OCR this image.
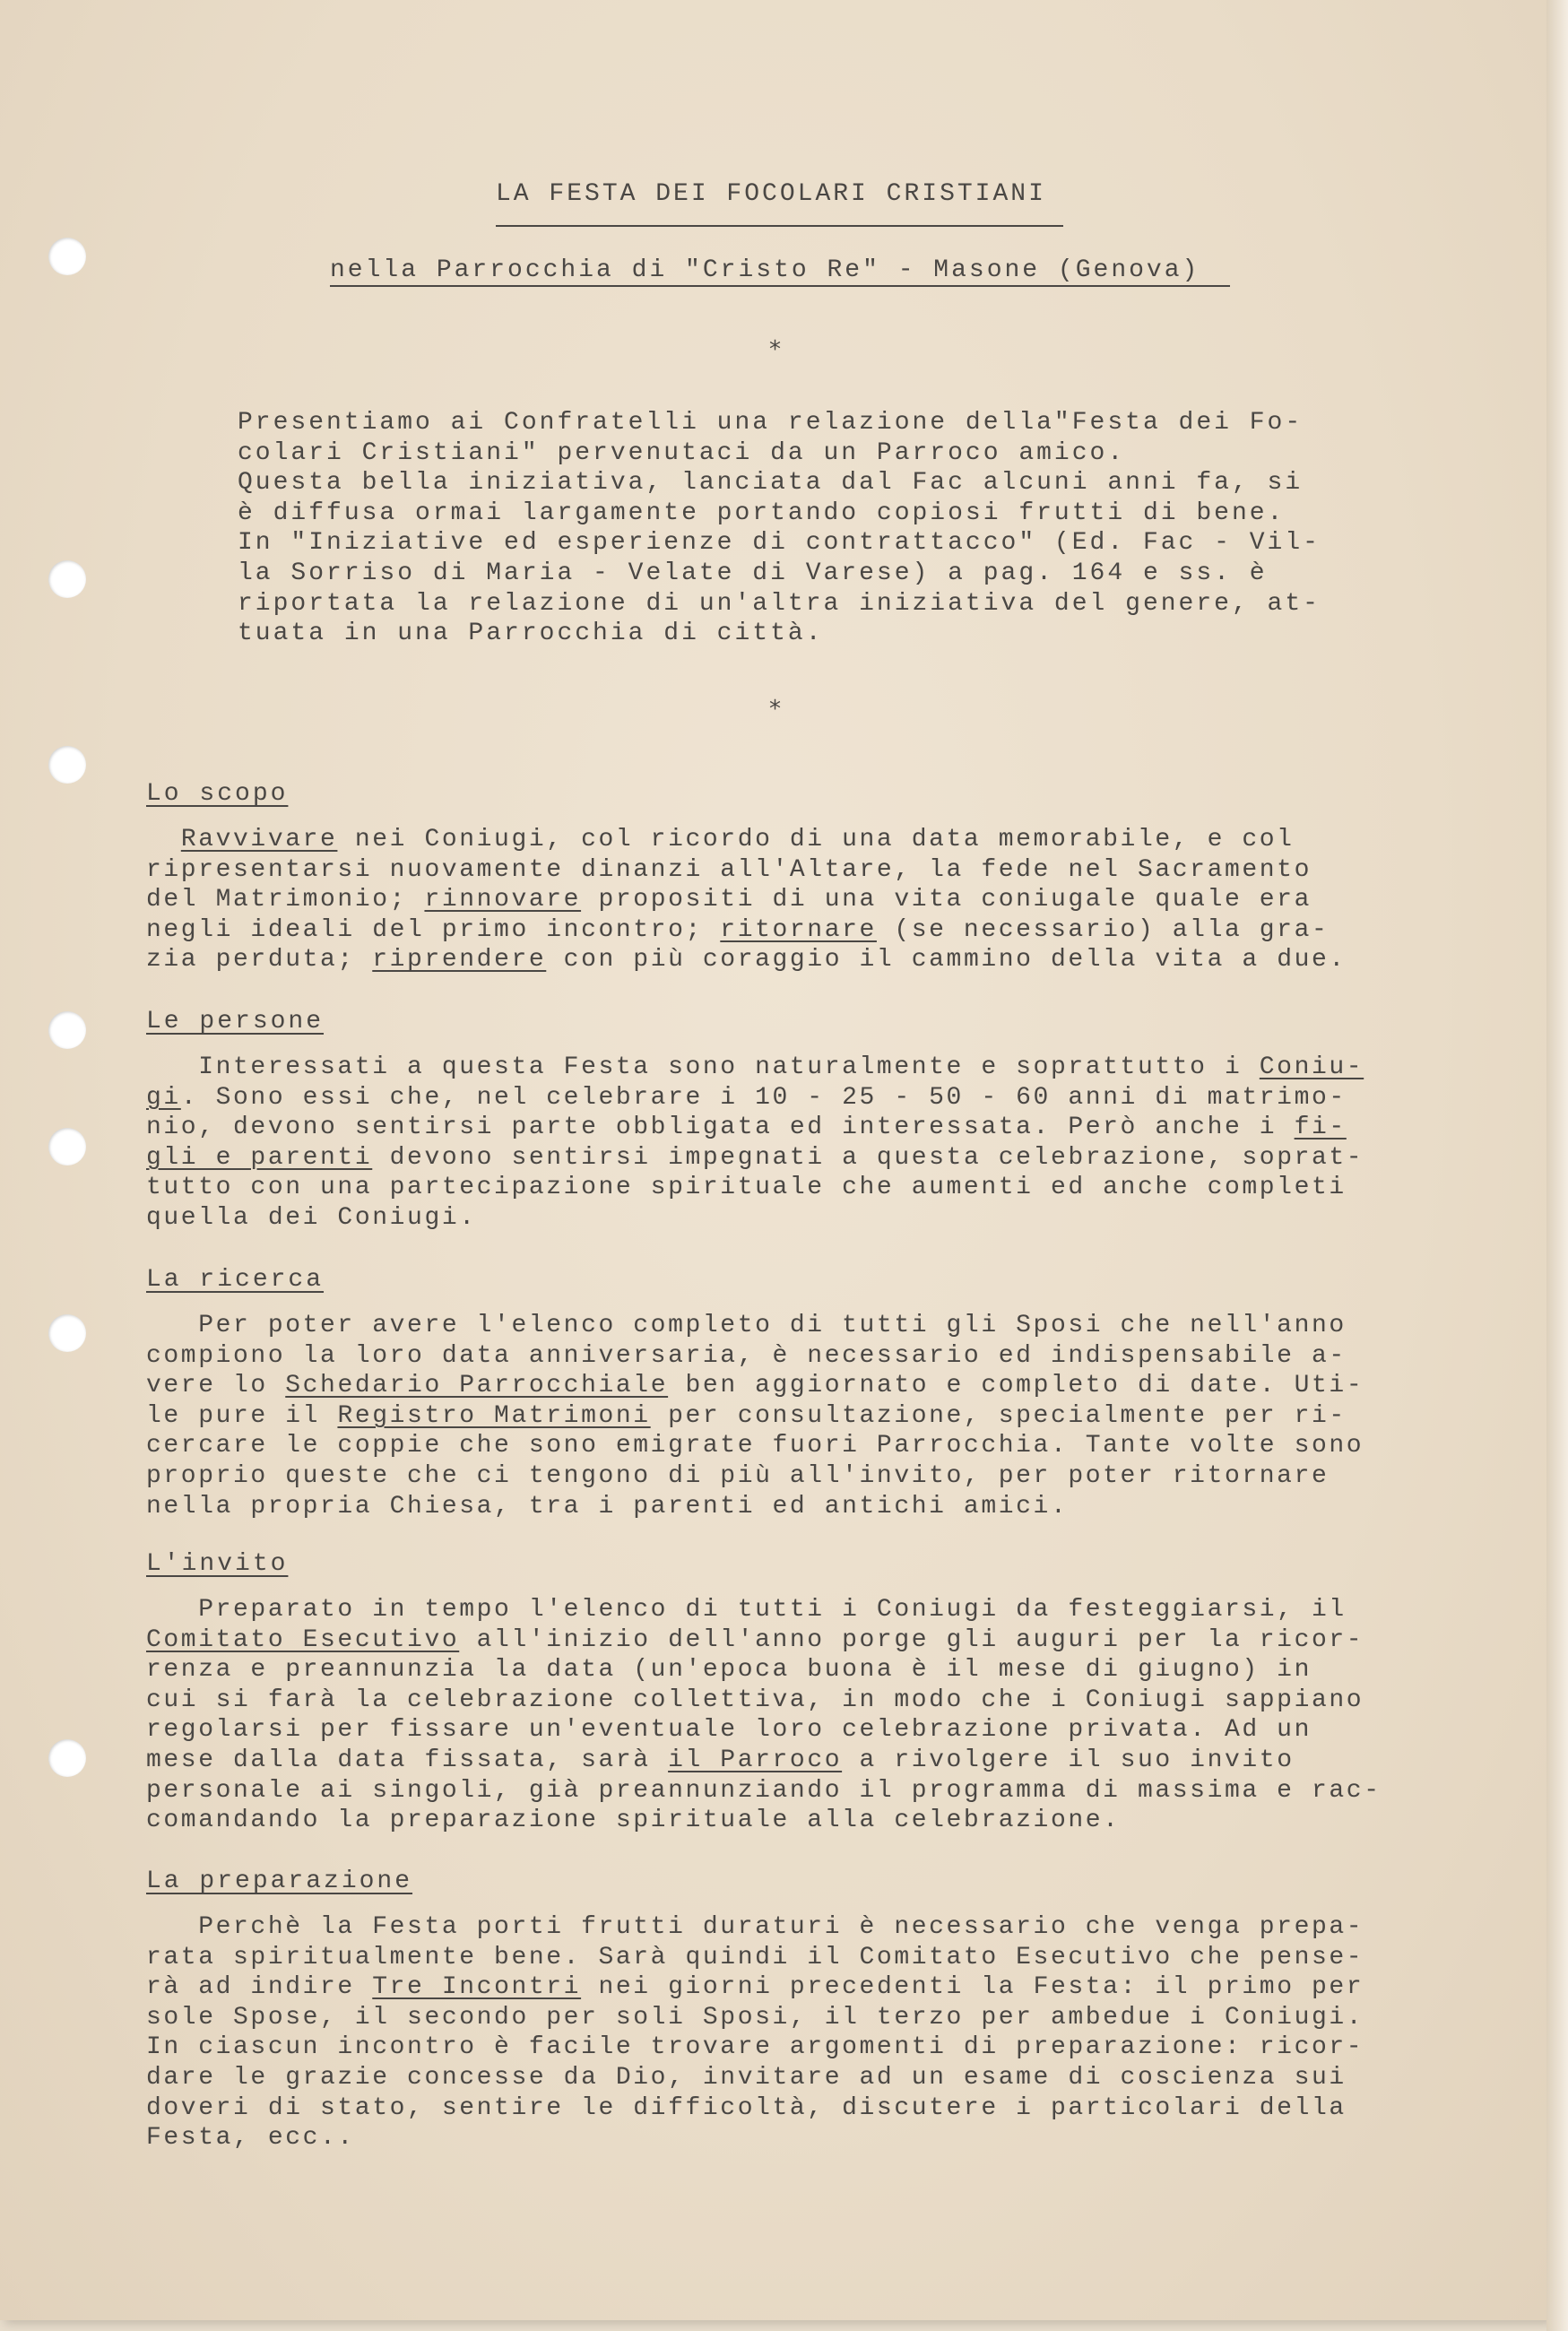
LA FESTA DEI FOCOLARI CRISTIANI
nella Parrocchia di "Cristo Re" - Masone (Genova)
*
Presentiamo ai Confratelli una relazione della"Festa dei Fo-
colari Cristiani" pervenutaci da un Parroco amico.
Questa bella iniziativa, lanciata dal Fac alcuni anni fa, si
è diffusa ormai largamente portando copiosi frutti di bene.
In "Iniziative ed esperienze di contrattacco" (Ed. Fac - Vil-
la Sorriso di Maria - Velate di Varese) a pag. 164 e ss. è
riportata la relazione di un'altra iniziativa del genere, at-
tuata in una Parrocchia di città.
*
Lo scopo
Ravvivare nei Coniugi, col ricordo di una data memorabile, e col
ripresentarsi nuovamente dinanzi all'Altare, la fede nel Sacramento
del Matrimonio; rinnovare propositi di una vita coniugale quale era
negli ideali del primo incontro; ritornare (se necessario) alla gra-
zia perduta; riprendere con più coraggio il cammino della vita a due.
Le persone
Interessati a questa Festa sono naturalmente e soprattutto i Coniu-
gi. Sono essi che, nel celebrare i 10 - 25 - 50 - 60 anni di matrimo-
nio, devono sentirsi parte obbligata ed interessata. Però anche i fi-
gli e parenti devono sentirsi impegnati a questa celebrazione, soprat-
tutto con una partecipazione spirituale che aumenti ed anche completi
quella dei Coniugi.
La ricerca
Per poter avere l'elenco completo di tutti gli Sposi che nell'anno
compiono la loro data anniversaria, è necessario ed indispensabile a-
vere lo Schedario Parrocchiale ben aggiornato e completo di date. Uti-
le pure il Registro Matrimoni per consultazione, specialmente per ri-
cercare le coppie che sono emigrate fuori Parrocchia. Tante volte sono
proprio queste che ci tengono di più all'invito, per poter ritornare
nella propria Chiesa, tra i parenti ed antichi amici.
L'invito
Preparato in tempo l'elenco di tutti i Coniugi da festeggiarsi, il
Comitato Esecutivo all'inizio dell'anno porge gli auguri per la ricor-
renza e preannunzia la data (un'epoca buona è il mese di giugno) in
cui si farà la celebrazione collettiva, in modo che i Coniugi sappiano
regolarsi per fissare un'eventuale loro celebrazione privata. Ad un
mese dalla data fissata, sarà il Parroco a rivolgere il suo invito
personale ai singoli, già preannunziando il programma di massima e rac-
comandando la preparazione spirituale alla celebrazione.
La preparazione
Perchè la Festa porti frutti duraturi è necessario che venga prepa-
rata spiritualmente bene. Sarà quindi il Comitato Esecutivo che pense-
rà ad indire Tre Incontri nei giorni precedenti la Festa: il primo per
sole Spose, il secondo per soli Sposi, il terzo per ambedue i Coniugi.
In ciascun incontro è facile trovare argomenti di preparazione: ricor-
dare le grazie concesse da Dio, invitare ad un esame di coscienza sui
doveri di stato, sentire le difficoltà, discutere i particolari della
Festa, ecc..
